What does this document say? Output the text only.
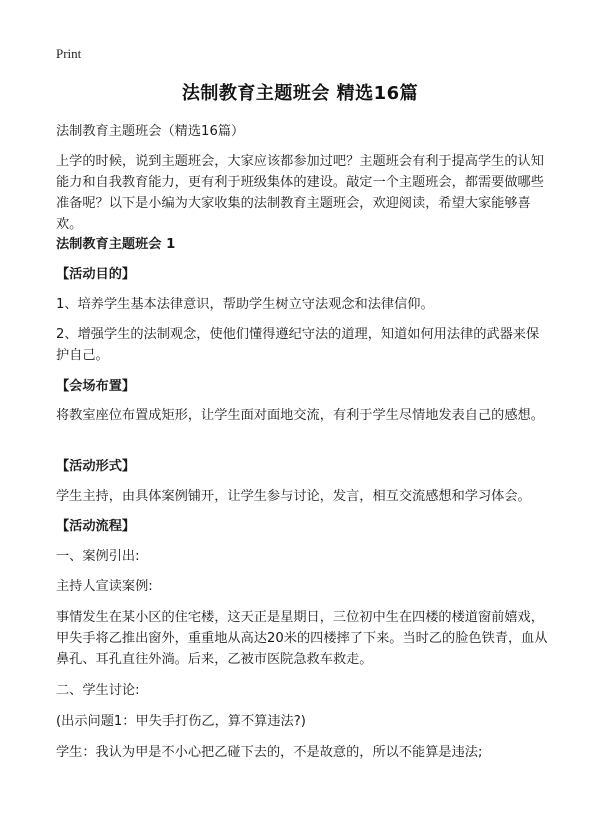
Print
法制教育主题班会 精选16篇
法制教育主题班会（精选16篇）
上学的时候，说到主题班会，大家应该都参加过吧？主题班会有利于提高学生的认知能力和自我教育能力，更有利于班级集体的建设。敲定一个主题班会，都需要做哪些准备呢？以下是小编为大家收集的法制教育主题班会，欢迎阅读，希望大家能够喜欢。
法制教育主题班会 1
【活动目的】
1、培养学生基本法律意识，帮助学生树立守法观念和法律信仰。
2、增强学生的法制观念，使他们懂得遵纪守法的道理，知道如何用法律的武器来保护自己。
【会场布置】
将教室座位布置成矩形，让学生面对面地交流，有利于学生尽情地发表自己的感想。
【活动形式】
学生主持，由具体案例铺开，让学生参与讨论，发言，相互交流感想和学习体会。
【活动流程】
一、案例引出:
主持人宣读案例:
事情发生在某小区的住宅楼，这天正是星期日，三位初中生在四楼的楼道窗前嬉戏，甲失手将乙推出窗外，重重地从高达20米的四楼摔了下来。当时乙的脸色铁青，血从鼻孔、耳孔直往外淌。后来，乙被市医院急救车救走。
二、学生讨论:
(出示问题1：甲失手打伤乙，算不算违法?)
学生：我认为甲是不小心把乙碰下去的，不是故意的，所以不能算是违法;
